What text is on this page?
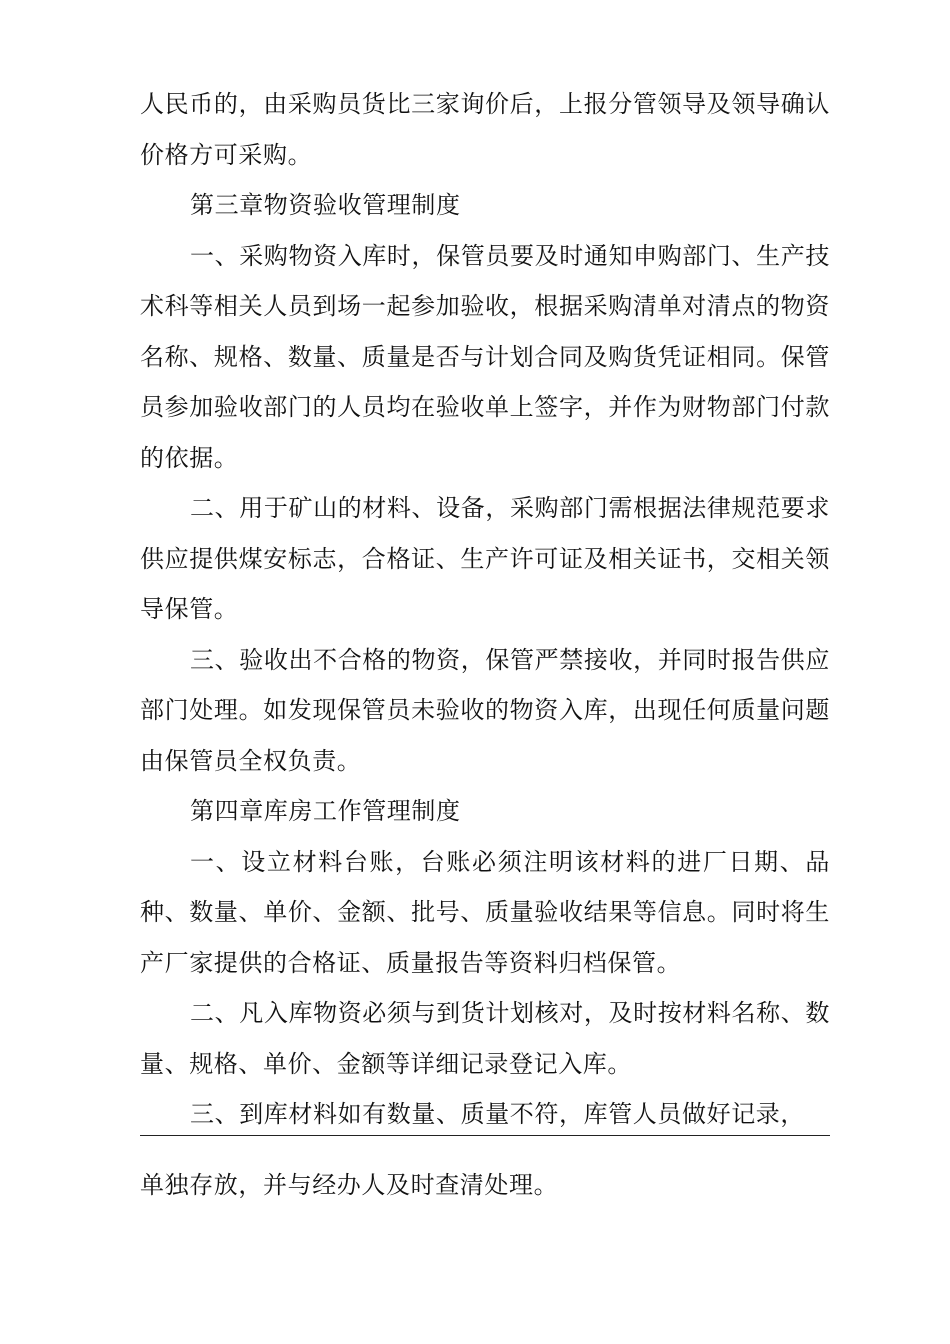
人民币的，由采购员货比三家询价后，上报分管领导及领导确认价格方可采购。

第三章物资验收管理制度

一、采购物资入库时，保管员要及时通知申购部门、生产技术科等相关人员到场一起参加验收，根据采购清单对清点的物资名称、规格、数量、质量是否与计划合同及购货凭证相同。保管员参加验收部门的人员均在验收单上签字，并作为财物部门付款的依据。

二、用于矿山的材料、设备，采购部门需根据法律规范要求供应提供煤安标志，合格证、生产许可证及相关证书，交相关领导保管。

三、验收出不合格的物资，保管严禁接收，并同时报告供应部门处理。如发现保管员未验收的物资入库，出现任何质量问题由保管员全权负责。

第四章库房工作管理制度

一、设立材料台账，台账必须注明该材料的进厂日期、品种、数量、单价、金额、批号、质量验收结果等信息。同时将生产厂家提供的合格证、质量报告等资料归档保管。

二、凡入库物资必须与到货计划核对，及时按材料名称、数量、规格、单价、金额等详细记录登记入库。

三、到库材料如有数量、质量不符，库管人员做好记录，

单独存放，并与经办人及时查清处理。
